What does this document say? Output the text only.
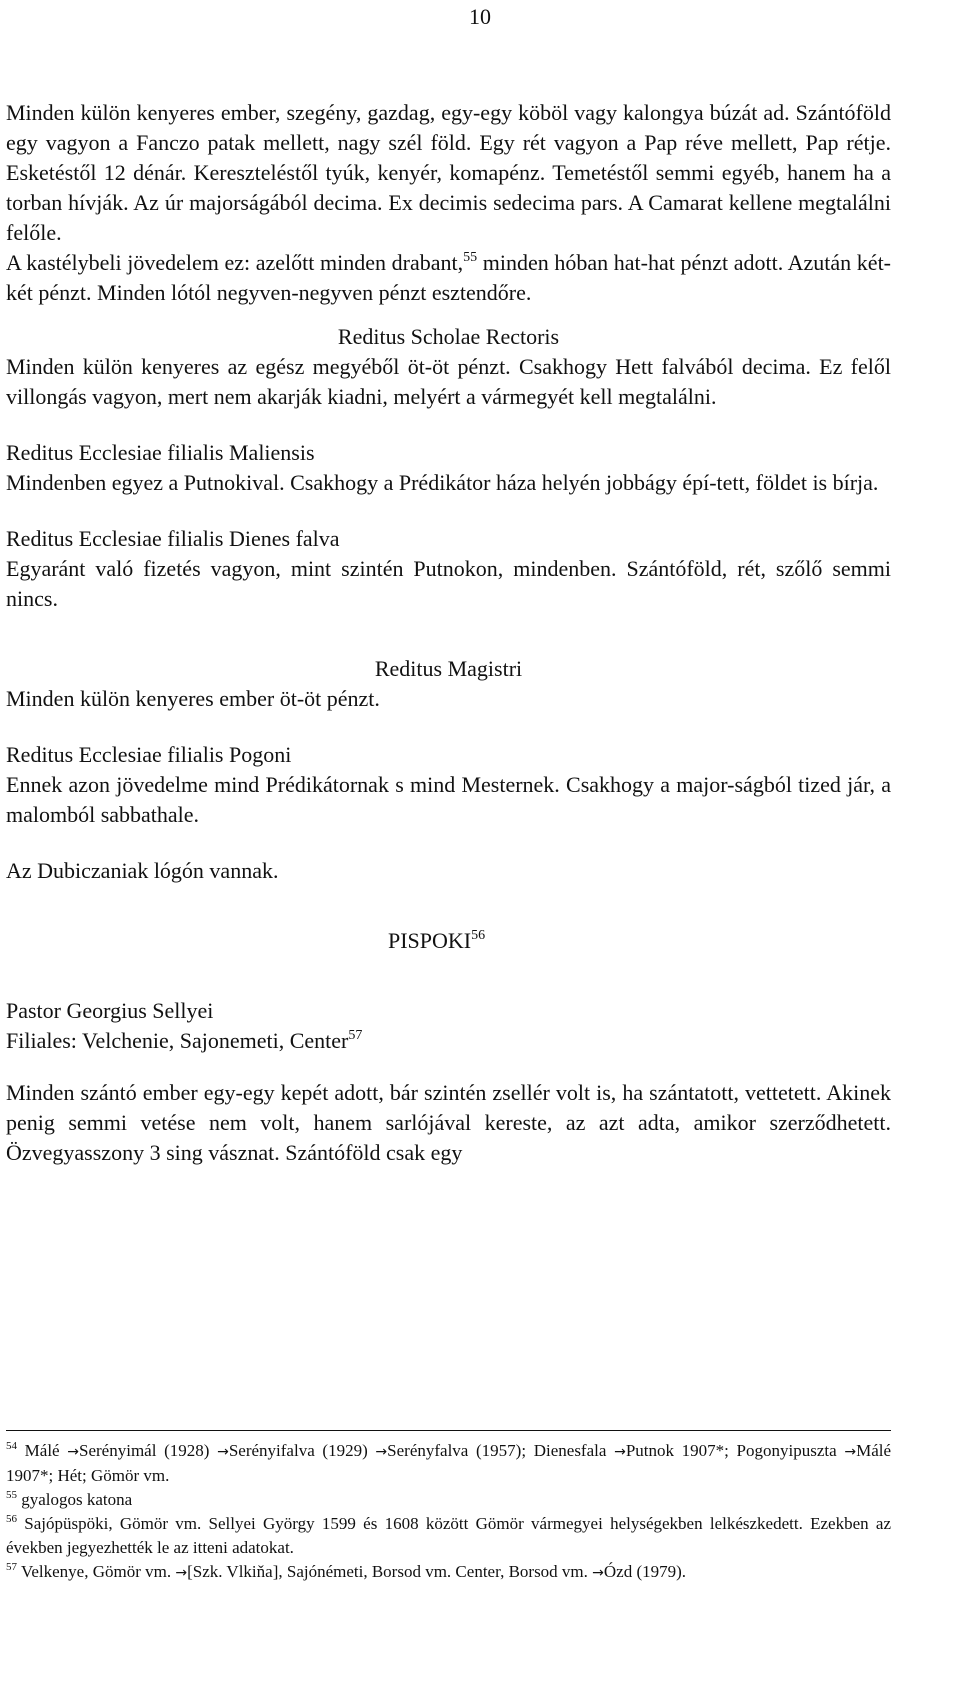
10

Minden külön kenyeres ember, szegény, gazdag, egy-egy köböl vagy kalongya búzát ad. Szántóföld egy vagyon a Fanczo patak mellett, nagy szél föld. Egy rét vagyon a Pap réve mellett, Pap rétje. Esketéstől 12 dénár. Kereszteléstől tyúk, kenyér, komapénz. Temetéstől semmi egyéb, hanem ha a torban hívják. Az úr majorságából decima. Ex decimis sedecima pars. A Camarat kellene megtalálni felőle.

A kastélybeli jövedelem ez: azelőtt minden drabant,$^{55}$ minden hóban hat-hat pénzt adott. Azután két-két pénzt. Minden lótól negyven-negyven pénzt esztendőre.

Reditus Scholae Rectoris

Minden külön kenyeres az egész megyéből öt-öt pénzt. Csakhogy Hett falvából decima. Ez felől villongás vagyon, mert nem akarják kiadni, melyért a vármegyét kell megtalálni.

Reditus Ecclesiae filialis Maliensis

Mindenben egyez a Putnokival. Csakhogy a Prédikátor háza helyén jobbágy épí-tett, földet is bírja.

Reditus Ecclesiae filialis Dienes falva

Egyaránt való fizetés vagyon, mint szintén Putnokon, mindenben. Szántóföld, rét, szőlő semmi nincs.

Reditus Magistri

Minden külön kenyeres ember öt-öt pénzt.

Reditus Ecclesiae filialis Pogoni

Ennek azon jövedelme mind Prédikátornak s mind Mesternek. Csakhogy a major-ságból tized jár, a malomból sabbathale.

Az Dubiczaniak lógón vannak.

PISPOKI$^{56}$

Pastor Georgius Sellyei

Filiales: Velchenie, Sajonemeti, Center$^{57}$

Minden szántó ember egy-egy kepét adott, bár szintén zsellér volt is, ha szántatott, vettetett. Akinek penig semmi vetése nem volt, hanem sarlójával kereste, az azt adta, amikor szerződhetett. Özvegyasszony 3 sing vásznat. Szántóföld csak egy

$^{54}$ Málé →Serényimál (1928) →Serényifalva (1929) →Serényfalva (1957); Dienesfala →Putnok 1907*; Pogonyipuszta →Málé 1907*; Hét; Gömör vm.

$^{55}$ gyalogos katona

$^{56}$ Sajópüspöki, Gömör vm. Sellyei György 1599 és 1608 között Gömör vármegyei helységekben lelkészkedett. Ezekben az években jegyezhették le az itteni adatokat.

$^{57}$ Velkenye, Gömör vm. →[Szk. Vlkiňa], Sajónémeti, Borsod vm. Center, Borsod vm. →Ózd (1979).
